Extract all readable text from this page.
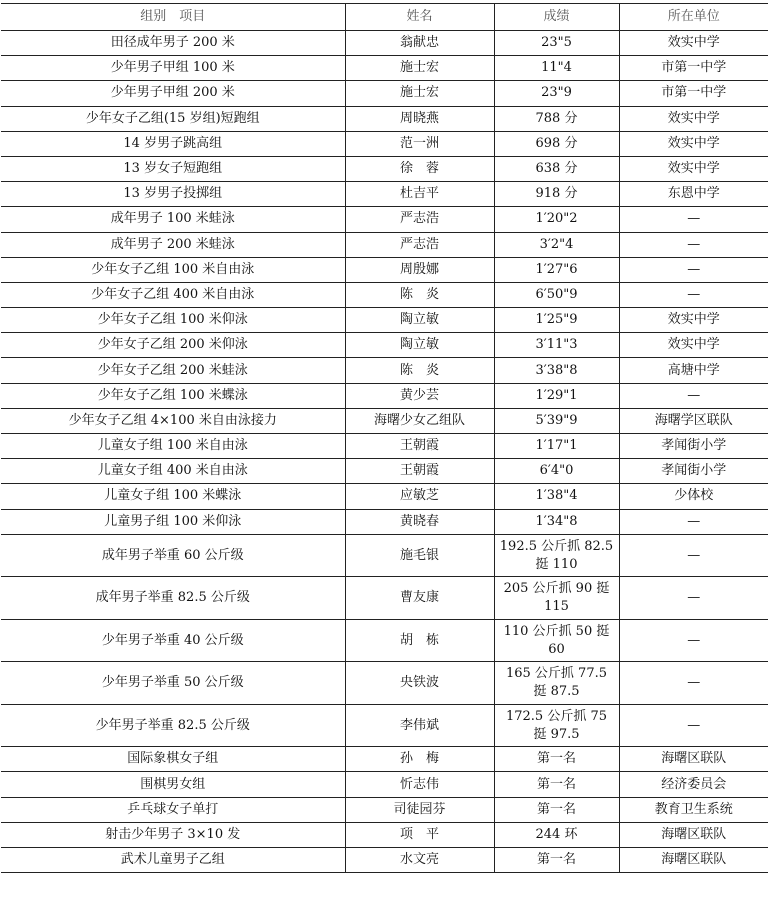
组别　项目	姓名	成绩	所在单位
田径成年男子 200 米	翁献忠	23"5	效实中学
少年男子甲组 100 米	施士宏	11"4	市第一中学
少年男子甲组 200 米	施士宏	23"9	市第一中学
少年女子乙组(15 岁组)短跑组	周晓燕	788 分	效实中学
14 岁男子跳高组	范一洲	698 分	效实中学
13 岁女子短跑组	徐　蓉	638 分	效实中学
13 岁男子投掷组	杜吉平	918 分	东恩中学
成年男子 100 米蛙泳	严志浩	1′20"2	—
成年男子 200 米蛙泳	严志浩	3′2"4	—
少年女子乙组 100 米自由泳	周殷娜	1′27"6	—
少年女子乙组 400 米自由泳	陈　炎	6′50"9	—
少年女子乙组 100 米仰泳	陶立敏	1′25"9	效实中学
少年女子乙组 200 米仰泳	陶立敏	3′11"3	效实中学
少年女子乙组 200 米蛙泳	陈　炎	3′38"8	高塘中学
少年女子乙组 100 米蝶泳	黄少芸	1′29"1	—
少年女子乙组 4×100 米自由泳接力	海曙少女乙组队	5′39"9	海曙学区联队
儿童女子组 100 米自由泳	王朝霞	1′17"1	孝闻街小学
儿童女子组 400 米自由泳	王朝霞	6′4"0	孝闻街小学
儿童女子组 100 米蝶泳	应敏芝	1′38"4	少体校
儿童男子组 100 米仰泳	黄晓春	1′34"8	—
成年男子举重 60 公斤级	施毛银	192.5 公斤抓 82.5 挺 110	—
成年男子举重 82.5 公斤级	曹友康	205 公斤抓 90 挺 115	—
少年男子举重 40 公斤级	胡　栋	110 公斤抓 50 挺 60	—
少年男子举重 50 公斤级	央铁波	165 公斤抓 77.5 挺 87.5	—
少年男子举重 82.5 公斤级	李伟斌	172.5 公斤抓 75 挺 97.5	—
国际象棋女子组	孙　梅	第一名	海曙区联队
围棋男女组	忻志伟	第一名	经济委员会
乒乓球女子单打	司徒园芬	第一名	教育卫生系统
射击少年男子 3×10 发	项　平	244 环	海曙区联队
武术儿童男子乙组	水文亮	第一名	海曙区联队
